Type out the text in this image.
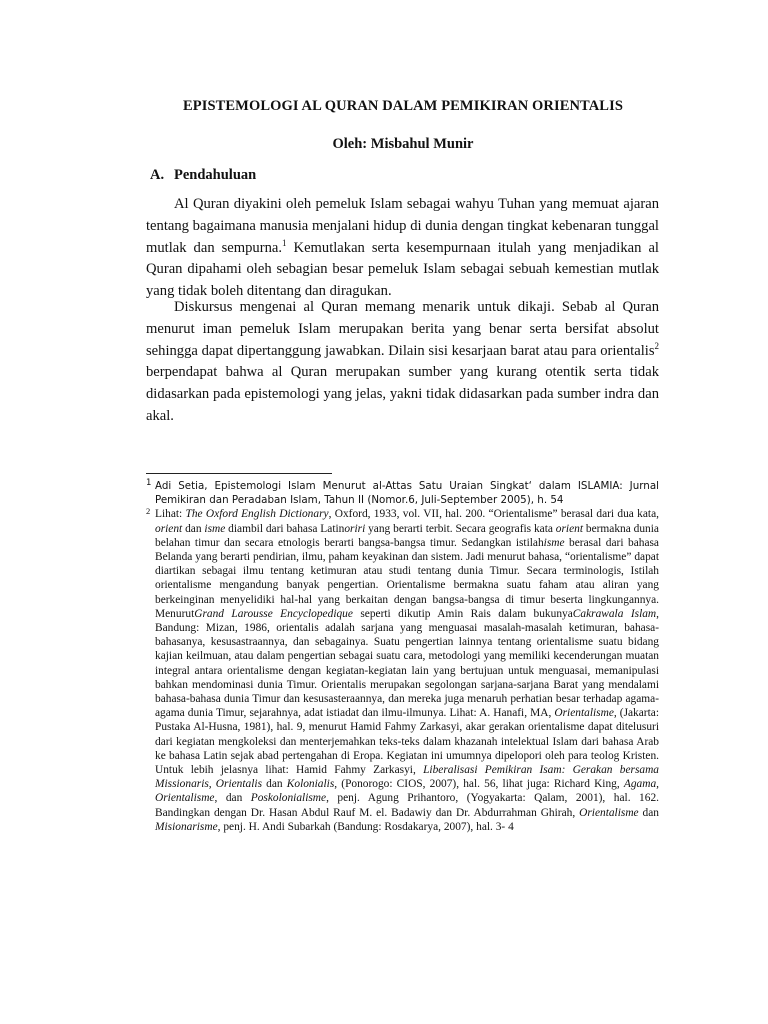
EPISTEMOLOGI AL QURAN DALAM PEMIKIRAN ORIENTALIS
Oleh: Misbahul Munir
A. Pendahuluan

Al Quran diyakini oleh pemeluk Islam sebagai wahyu Tuhan yang memuat ajaran tentang bagaimana manusia menjalani hidup di dunia dengan tingkat kebenaran tunggal mutlak dan sempurna.$^1$ Kemutlakan serta kesempurnaan itulah yang menjadikan al Quran dipahami oleh sebagian besar pemeluk Islam sebagai sebuah kemestian mutlak yang tidak boleh ditentang dan diragukan.

Diskursus mengenai al Quran memang menarik untuk dikaji. Sebab al Quran menurut iman pemeluk Islam merupakan berita yang benar serta bersifat absolut sehingga dapat dipertanggung jawabkan. Dilain sisi kesarjaan barat atau para orientalis$^2$ berpendapat bahwa al Quran merupakan sumber yang kurang otentik serta tidak didasarkan pada epistemologi yang jelas, yakni tidak didasarkan pada sumber indra dan akal.

1 Adi Setia, Epistemologi Islam Menurut al-Attas Satu Uraian Singkat‘ dalam ISLAMIA: Jurnal Pemikiran dan Peradaban Islam, Tahun II (Nomor.6, Juli-September 2005), h. 54

2 Lihat: The Oxford English Dictionary, Oxford, 1933, vol. VII, hal. 200. “Orientalisme” berasal dari dua kata, orient dan isme diambil dari bahasa Latinoriri yang berarti terbit. Secara geografis kata orient bermakna dunia belahan timur dan secara etnologis berarti bangsa-bangsa timur. Sedangkan istilahisme berasal dari bahasa Belanda yang berarti pendirian, ilmu, paham keyakinan dan sistem. Jadi menurut bahasa, “orientalisme” dapat diartikan sebagai ilmu tentang ketimuran atau studi tentang dunia Timur. Secara terminologis, Istilah orientalisme mengandung banyak pengertian. Orientalisme bermakna suatu faham atau aliran yang berkeinginan menyelidiki hal-hal yang berkaitan dengan bangsa-bangsa di timur beserta lingkungannya. MenurutGrand Larousse Encyclopedique seperti dikutip Amin Rais dalam bukunyaCakrawala Islam, Bandung: Mizan, 1986, orientalis adalah sarjana yang menguasai masalah-masalah ketimuran, bahasa-bahasanya, kesusastraannya, dan sebagainya. Suatu pengertian lainnya tentang orientalisme suatu bidang kajian keilmuan, atau dalam pengertian sebagai suatu cara, metodologi yang memiliki kecenderungan muatan integral antara orientalisme dengan kegiatan-kegiatan lain yang bertujuan untuk menguasai, memanipulasi bahkan mendominasi dunia Timur. Orientalis merupakan segolongan sarjana-sarjana Barat yang mendalami bahasa-bahasa dunia Timur dan kesusasteraannya, dan mereka juga menaruh perhatian besar terhadap agama-agama dunia Timur, sejarahnya, adat istiadat dan ilmu-ilmunya. Lihat: A. Hanafi, MA, Orientalisme, (Jakarta: Pustaka Al-Husna, 1981), hal. 9, menurut Hamid Fahmy Zarkasyi, akar gerakan orientalisme dapat ditelusuri dari kegiatan mengkoleksi dan menterjemahkan teks-teks dalam khazanah intelektual Islam dari bahasa Arab ke bahasa Latin sejak abad pertengahan di Eropa. Kegiatan ini umumnya dipelopori oleh para teolog Kristen. Untuk lebih jelasnya lihat: Hamid Fahmy Zarkasyi, Liberalisasi Pemikiran Isam: Gerakan bersama Missionaris, Orientalis dan Kolonialis, (Ponorogo: CIOS, 2007), hal. 56, lihat juga: Richard King, Agama, Orientalisme, dan Poskolonialisme, penj. Agung Prihantoro, (Yogyakarta: Qalam, 2001), hal. 162. Bandingkan dengan Dr. Hasan Abdul Rauf M. el. Badawiy dan Dr. Abdurrahman Ghirah, Orientalisme dan Misionarisme, penj. H. Andi Subarkah (Bandung: Rosdakarya, 2007), hal. 3- 4
